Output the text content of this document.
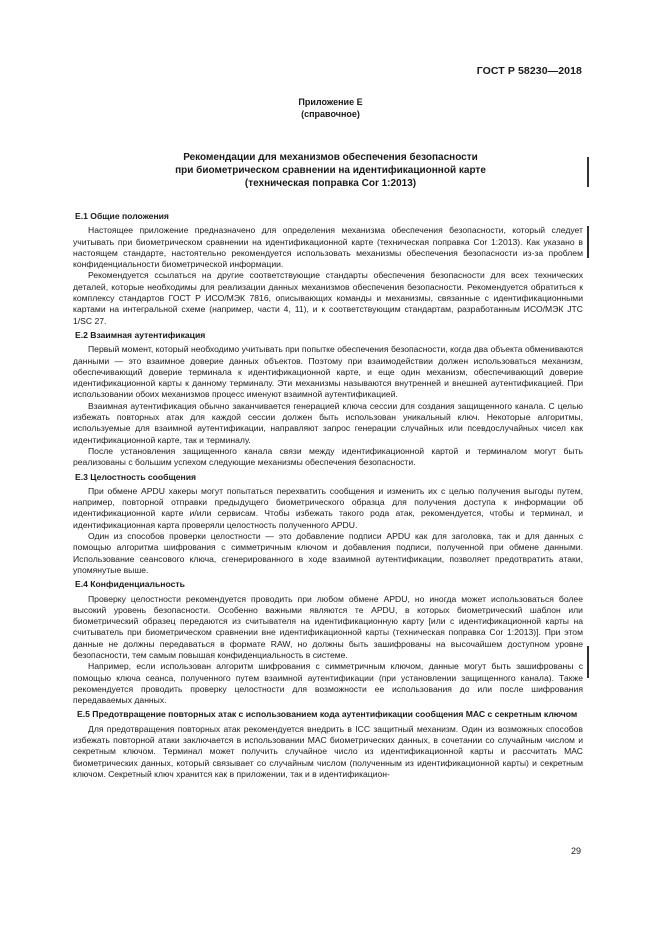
ГОСТ Р 58230—2018
Приложение Е
(справочное)
Рекомендации для механизмов обеспечения безопасности
при биометрическом сравнении на идентификационной карте
(техническая поправка Cor 1:2013)
Е.1 Общие положения

Настоящее приложение предназначено для определения механизма обеспечения безопасности, который следует учитывать при биометрическом сравнении на идентификационной карте (техническая поправка Cor 1:2013). Как указано в настоящем стандарте, настоятельно рекомендуется использовать механизмы обеспечения безопасности из-за проблем конфиденциальности биометрической информации.

Рекомендуется ссылаться на другие соответствующие стандарты обеспечения безопасности для всех технических деталей, которые необходимы для реализации данных механизмов обеспечения безопасности. Рекомендуется обратиться к комплексу стандартов ГОСТ Р ИСО/МЭК 7816, описывающих команды и механизмы, связанные с идентификационными картами на интегральной схеме (например, части 4, 11), и к соответствующим стандартам, разработанным ИСО/МЭК JTC 1/SC 27.

Е.2 Взаимная аутентификация

Первый момент, который необходимо учитывать при попытке обеспечения безопасности, когда два объекта обмениваются данными — это взаимное доверие данных объектов. Поэтому при взаимодействии должен использоваться механизм, обеспечивающий доверие терминала к идентификационной карте, и еще один механизм, обеспечивающий доверие идентификационной карты к данному терминалу. Эти механизмы называются внутренней и внешней аутентификацией. При использовании обоих механизмов процесс именуют взаимной аутентификацией.

Взаимная аутентификация обычно заканчивается генерацией ключа сессии для создания защищенного канала. С целью избежать повторных атак для каждой сессии должен быть использован уникальный ключ. Некоторые алгоритмы, используемые для взаимной аутентификации, направляют запрос генерации случайных или псевдослучайных чисел как идентификационной карте, так и терминалу.

После установления защищенного канала связи между идентификационной картой и терминалом могут быть реализованы с большим успехом следующие механизмы обеспечения безопасности.

Е.3 Целостность сообщения

При обмене APDU хакеры могут попытаться перехватить сообщения и изменить их с целью получения выгоды путем, например, повторной отправки предыдущего биометрического образца для получения доступа к информации об идентификационной карте и/или сервисам. Чтобы избежать такого рода атак, рекомендуется, чтобы и терминал, и идентификационная карта проверяли целостность полученного APDU.

Один из способов проверки целостности — это добавление подписи APDU как для заголовка, так и для данных с помощью алгоритма шифрования с симметричным ключом и добавления подписи, полученной при обмене данными. Использование сеансового ключа, сгенерированного в ходе взаимной аутентификации, позволяет предотвратить атаки, упомянутые выше.

Е.4 Конфиденциальность

Проверку целостности рекомендуется проводить при любом обмене APDU, но иногда может использоваться более высокий уровень безопасности. Особенно важными являются те APDU, в которых биометрический шаблон или биометрический образец передаются из считывателя на идентификационную карту [или с идентификационной карты на считыватель при биометрическом сравнении вне идентификационной карты (техническая поправка Cor 1:2013)]. При этом данные не должны передаваться в формате RAW, но должны быть зашифрованы на высочайшем доступном уровне безопасности, тем самым повышая конфиденциальность в системе.

Например, если использован алгоритм шифрования с симметричным ключом, данные могут быть зашифрованы с помощью ключа сеанса, полученного путем взаимной аутентификации (при установлении защищенного канала). Также рекомендуется проводить проверку целостности для возможности ее использования до или после шифрования передаваемых данных.

Е.5 Предотвращение повторных атак с использованием кода аутентификации сообщения МАС с секретным ключом

Для предотвращения повторных атак рекомендуется внедрить в ICC защитный механизм. Один из возможных способов избежать повторной атаки заключается в использовании МАС биометрических данных, в сочетании со случайным числом и секретным ключом. Терминал может получить случайное число из идентификационной карты и рассчитать МАС биометрических данных, который связывает со случайным числом (полученным из идентификационной карты) и секретным ключом. Секретный ключ хранится как в приложении, так и в идентификацион-

29
